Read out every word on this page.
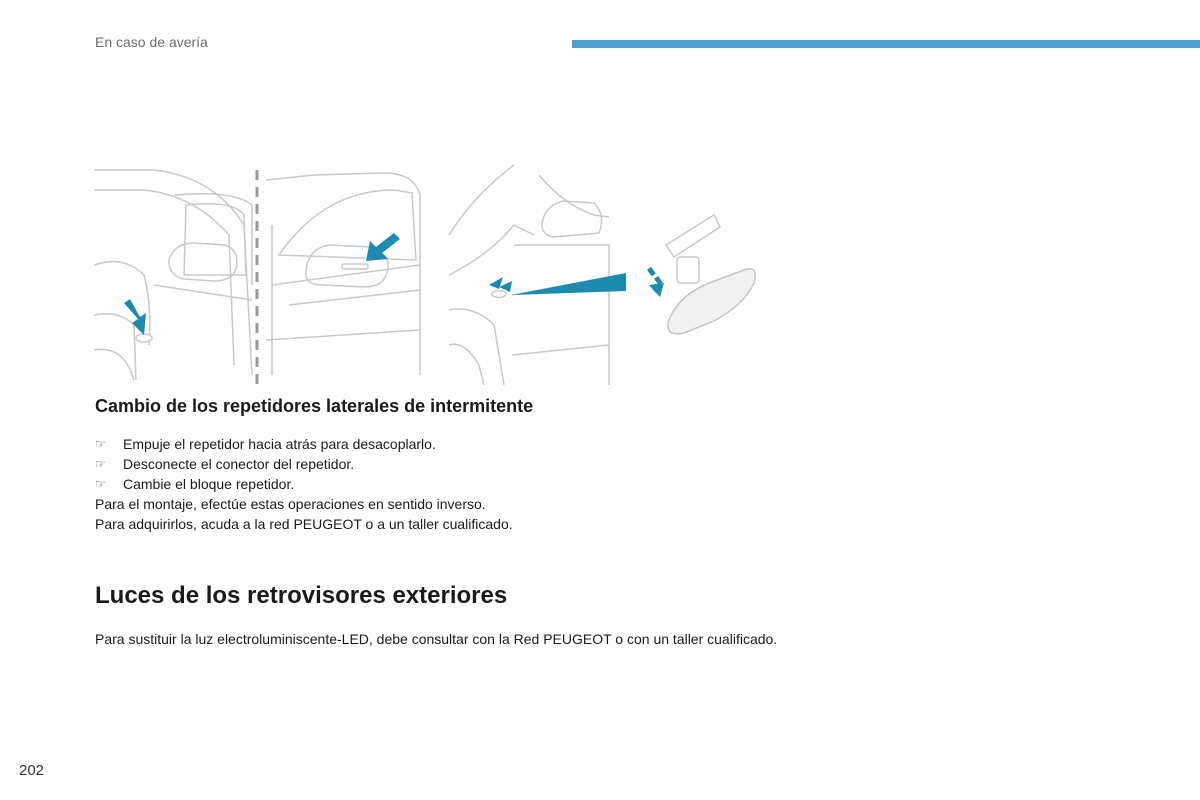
En caso de avería
Cambio de los repetidores laterales de intermitente
☞	Empuje el repetidor hacia atrás para desacoplarlo.
☞	Desconecte el conector del repetidor.
☞	Cambie el bloque repetidor.
Para el montaje, efectúe estas operaciones en sentido inverso.
Para adquirirlos, acuda a la red PEUGEOT o a un taller cualificado.
Luces de los retrovisores exteriores
Para sustituir la luz electroluminiscente-LED, debe consultar con la Red PEUGEOT o con un taller cualificado.
202
